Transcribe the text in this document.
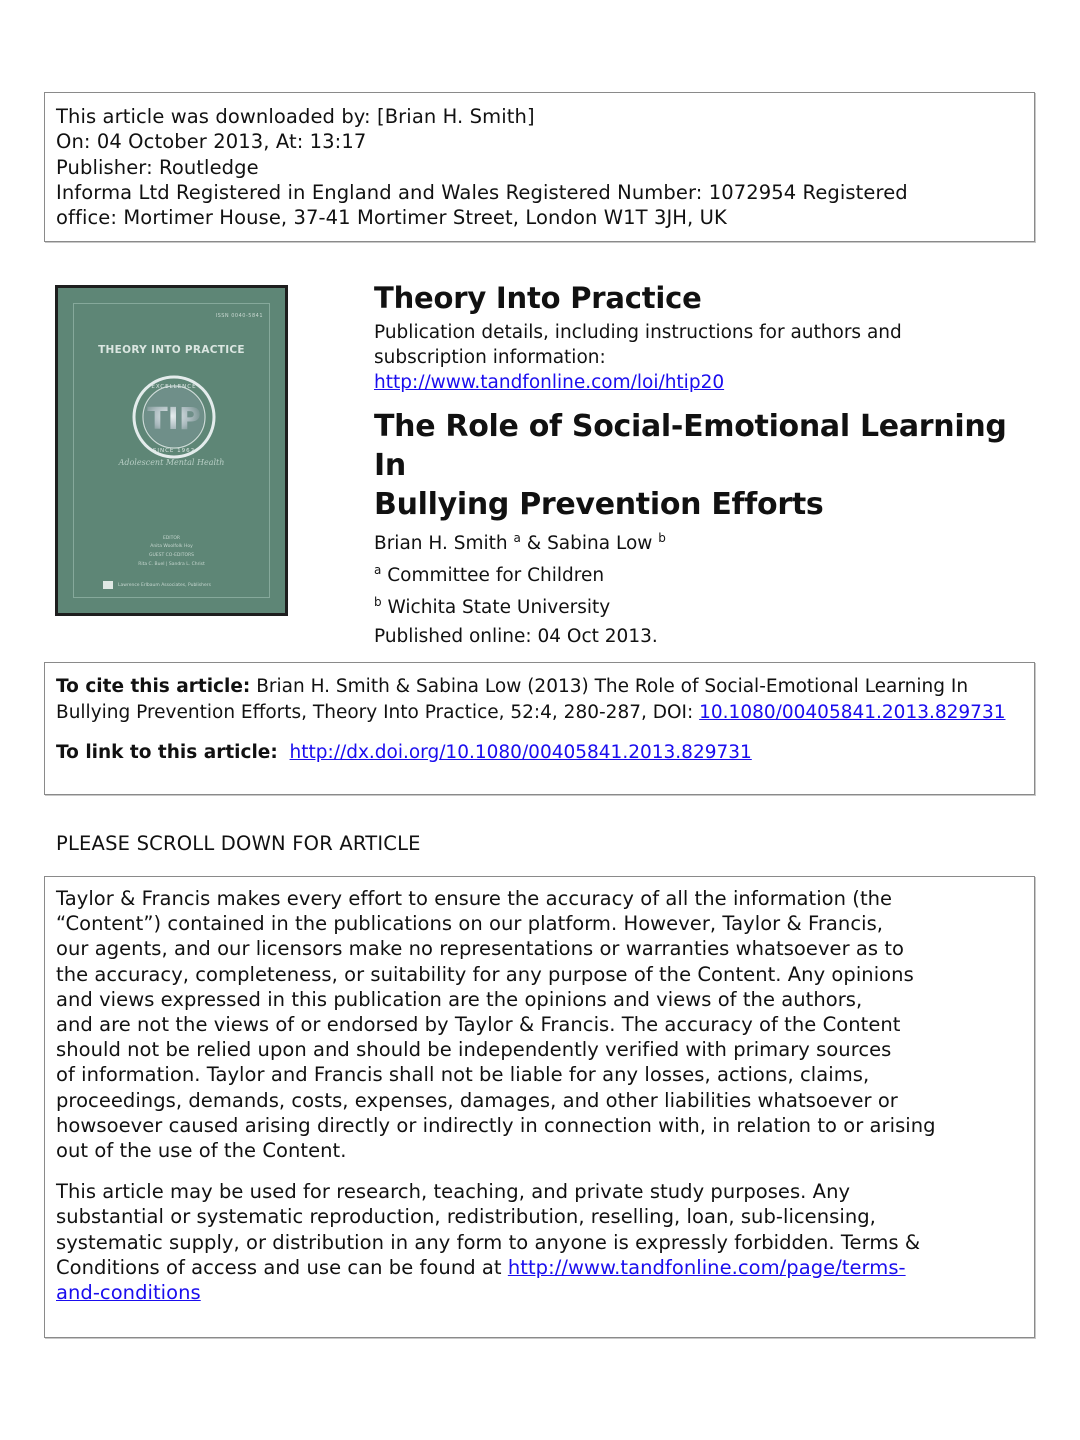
This article was downloaded by: [Brian H. Smith]
On: 04 October 2013, At: 13:17
Publisher: Routledge
Informa Ltd Registered in England and Wales Registered Number: 1072954 Registered
office: Mortimer House, 37-41 Mortimer Street, London W1T 3JH, UK
ISSN 0040-5841
THEORY INTO PRACTICE
TIP
EXCELLENCE
SINCE 1962
Adolescent Mental Health
EDITOR
Anita Woolfolk Hoy
GUEST CO-EDITORS
Rita C. Buel | Sandra L. Christ
Lawrence Erlbaum Associates, Publishers
Theory Into Practice
Publication details, including instructions for authors and
subscription information:
http://www.tandfonline.com/loi/htip20
The Role of Social-Emotional Learning In
Bullying Prevention Efforts
Brian H. Smith $^a$ & Sabina Low $^b$
$^a$ Committee for Children
$^b$ Wichita State University
Published online: 04 Oct 2013.
To cite this article: Brian H. Smith & Sabina Low (2013) The Role of Social-Emotional Learning In
Bullying Prevention Efforts, Theory Into Practice, 52:4, 280-287, DOI: 10.1080/00405841.2013.829731
To link to this article: http://dx.doi.org/10.1080/00405841.2013.829731
PLEASE SCROLL DOWN FOR ARTICLE

Taylor & Francis makes every effort to ensure the accuracy of all the information (the
“Content”) contained in the publications on our platform. However, Taylor & Francis,
our agents, and our licensors make no representations or warranties whatsoever as to
the accuracy, completeness, or suitability for any purpose of the Content. Any opinions
and views expressed in this publication are the opinions and views of the authors,
and are not the views of or endorsed by Taylor & Francis. The accuracy of the Content
should not be relied upon and should be independently verified with primary sources
of information. Taylor and Francis shall not be liable for any losses, actions, claims,
proceedings, demands, costs, expenses, damages, and other liabilities whatsoever or
howsoever caused arising directly or indirectly in connection with, in relation to or arising
out of the use of the Content.

This article may be used for research, teaching, and private study purposes. Any
substantial or systematic reproduction, redistribution, reselling, loan, sub-licensing,
systematic supply, or distribution in any form to anyone is expressly forbidden. Terms &
Conditions of access and use can be found at http://www.tandfonline.com/page/terms-
and-conditions
